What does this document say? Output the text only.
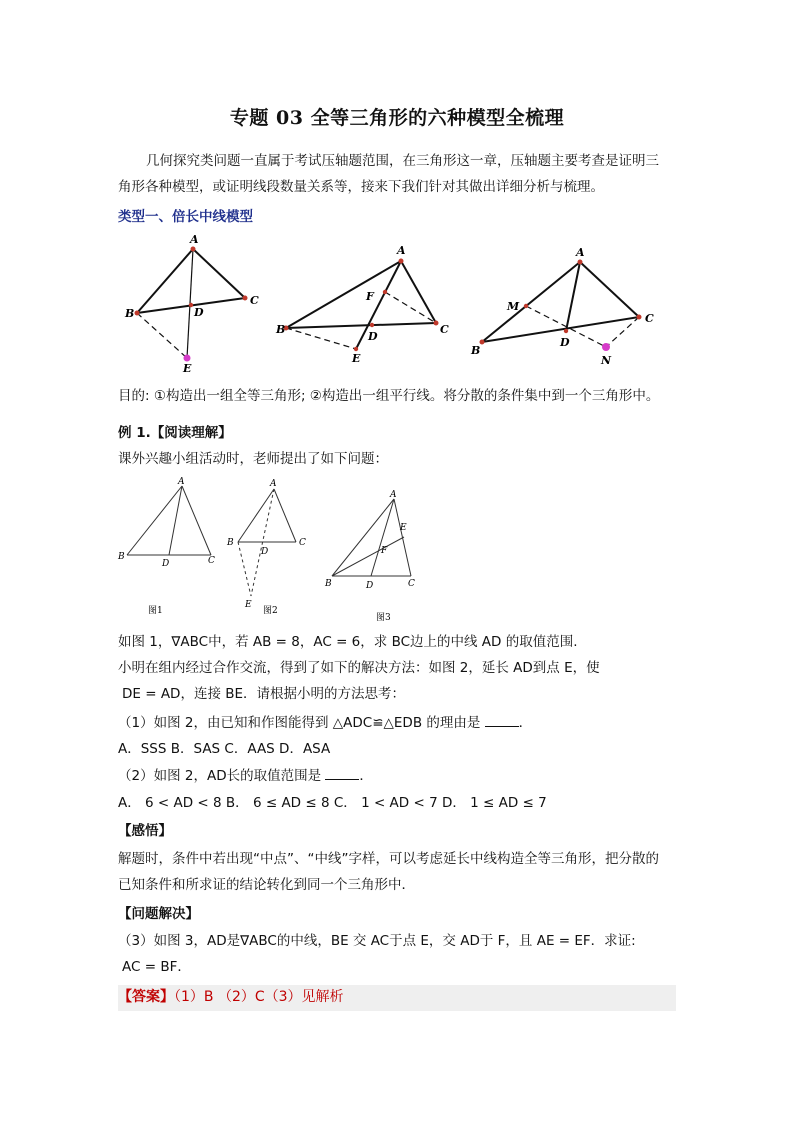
专题 03 全等三角形的六种模型全梳理
几何探究类问题一直属于考试压轴题范围，在三角形这一章，压轴题主要考查是证明三
角形各种模型，或证明线段数量关系等，接来下我们针对其做出详细分析与梳理。
类型一、倍长中线模型
A
B
C
D
E
A
F
B
D
C
E
A
M
C
B
D
N
目的: ①构造出一组全等三角形; ②构造出一组平行线。将分散的条件集中到一个三角形中。
例 1.【阅读理解】
课外兴趣小组活动时，老师提出了如下问题：
A
B
D	C
图1
A
B
D
C
E
图2
A
E
F
B	D	C
图3
如图 1，∇ABC中，若 AB = 8，AC = 6，求 BC边上的中线 AD 的取值范围.
小明在组内经过合作交流，得到了如下的解决方法：如图 2，延长 AD到点 E，使
DE = AD，连接 BE．请根据小明的方法思考：
（1）如图 2，由已知和作图能得到 △ADC≌△EDB 的理由是	．
A．SSS B．SAS C．AAS D．ASA
（2）如图 2，AD长的取值范围是	．
A． 6 < AD < 8 B． 6 ≤ AD ≤ 8 C． 1 < AD < 7 D． 1 ≤ AD ≤ 7
【感悟】
解题时，条件中若出现“中点”、“中线”字样，可以考虑延长中线构造全等三角形，把分散的
已知条件和所求证的结论转化到同一个三角形中．
【问题解决】
（3）如图 3，AD是∇ABC的中线，BE 交 AC于点 E，交 AD于 F，且 AE = EF．求证:
AC = BF．
【答案】（1）B （2）C（3）见解析
